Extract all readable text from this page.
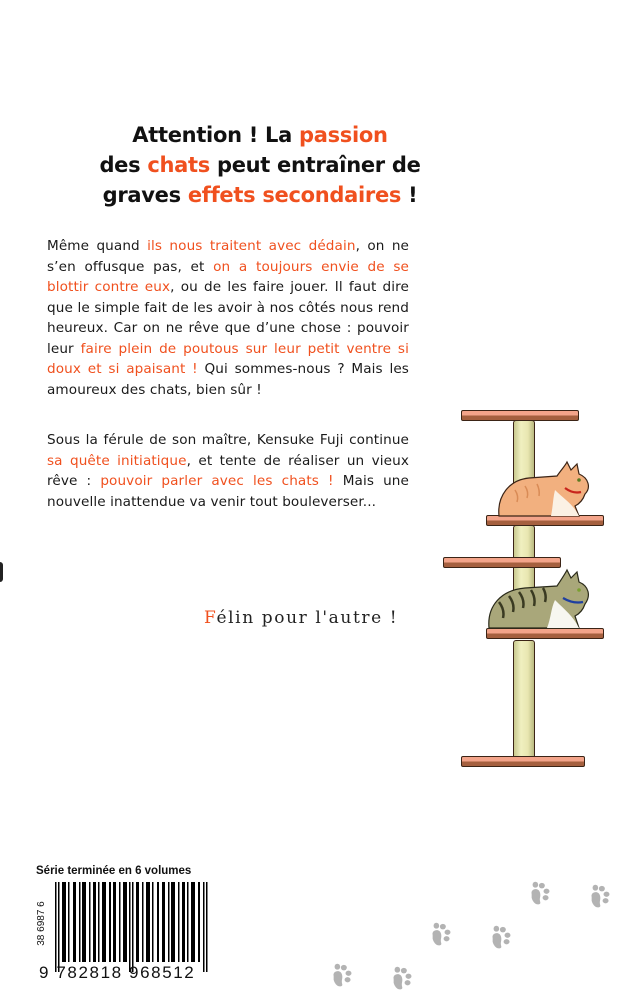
Attention ! La passion
des chats peut entraîner de
graves effets secondaires !
Même quand ils nous traitent avec dédain, on ne s’en offusque pas, et on a toujours envie de se blottir contre eux, ou de les faire jouer. Il faut dire que le simple fait de les avoir à nos côtés nous rend heureux. Car on ne rêve que d’une chose : pouvoir leur faire plein de poutous sur leur petit ventre si doux et si apaisant ! Qui sommes-nous ? Mais les amoureux des chats, bien sûr !
Sous la férule de son maître, Kensuke Fuji continue sa quête initiatique, et tente de réaliser un vieux rêve : pouvoir parler avec les chats ! Mais une nouvelle inattendue va venir tout bouleverser...
Félin pour l'autre !
Série terminée en 6 volumes
38 6987 6
9 782818 968512
